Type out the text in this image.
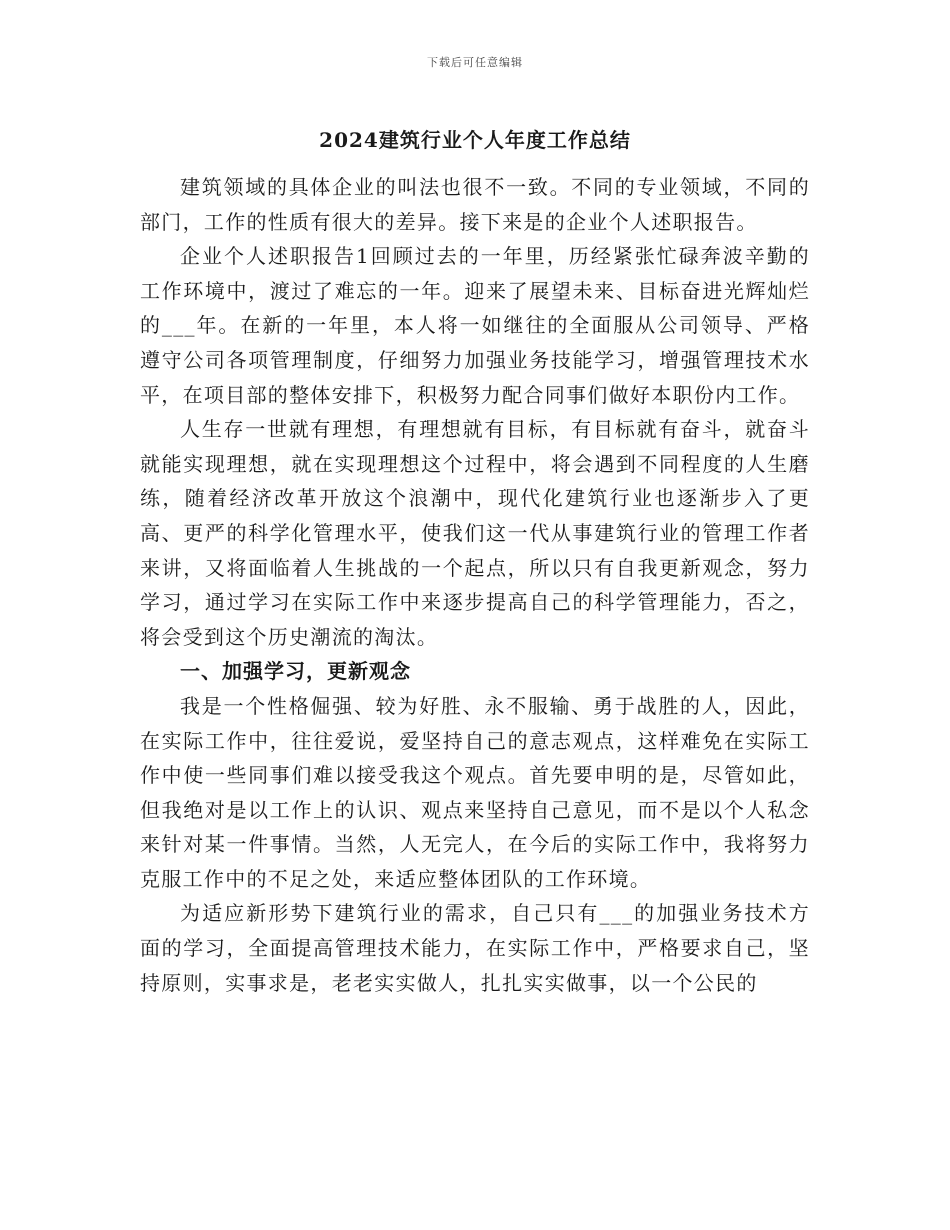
下载后可任意编辑
2024建筑行业个人年度工作总结

建筑领域的具体企业的叫法也很不一致。不同的专业领域，不同的部门，工作的性质有很大的差异。接下来是的企业个人述职报告。

企业个人述职报告1回顾过去的一年里，历经紧张忙碌奔波辛勤的工作环境中，渡过了难忘的一年。迎来了展望未来、目标奋进光辉灿烂的___年。在新的一年里，本人将一如继往的全面服从公司领导、严格遵守公司各项管理制度，仔细努力加强业务技能学习，增强管理技术水平，在项目部的整体安排下，积极努力配合同事们做好本职份内工作。

人生存一世就有理想，有理想就有目标，有目标就有奋斗，就奋斗就能实现理想，就在实现理想这个过程中，将会遇到不同程度的人生磨练，随着经济改革开放这个浪潮中，现代化建筑行业也逐渐步入了更高、更严的科学化管理水平，使我们这一代从事建筑行业的管理工作者来讲，又将面临着人生挑战的一个起点，所以只有自我更新观念，努力学习，通过学习在实际工作中来逐步提高自己的科学管理能力，否之，将会受到这个历史潮流的淘汰。

一、加强学习，更新观念

我是一个性格倔强、较为好胜、永不服输、勇于战胜的人，因此，在实际工作中，往往爱说，爱坚持自己的意志观点，这样难免在实际工作中使一些同事们难以接受我这个观点。首先要申明的是，尽管如此，但我绝对是以工作上的认识、观点来坚持自己意见，而不是以个人私念来针对某一件事情。当然，人无完人，在今后的实际工作中，我将努力克服工作中的不足之处，来适应整体团队的工作环境。

为适应新形势下建筑行业的需求，自己只有___的加强业务技术方面的学习，全面提高管理技术能力，在实际工作中，严格要求自己，坚持原则，实事求是，老老实实做人，扎扎实实做事，以一个公民的
